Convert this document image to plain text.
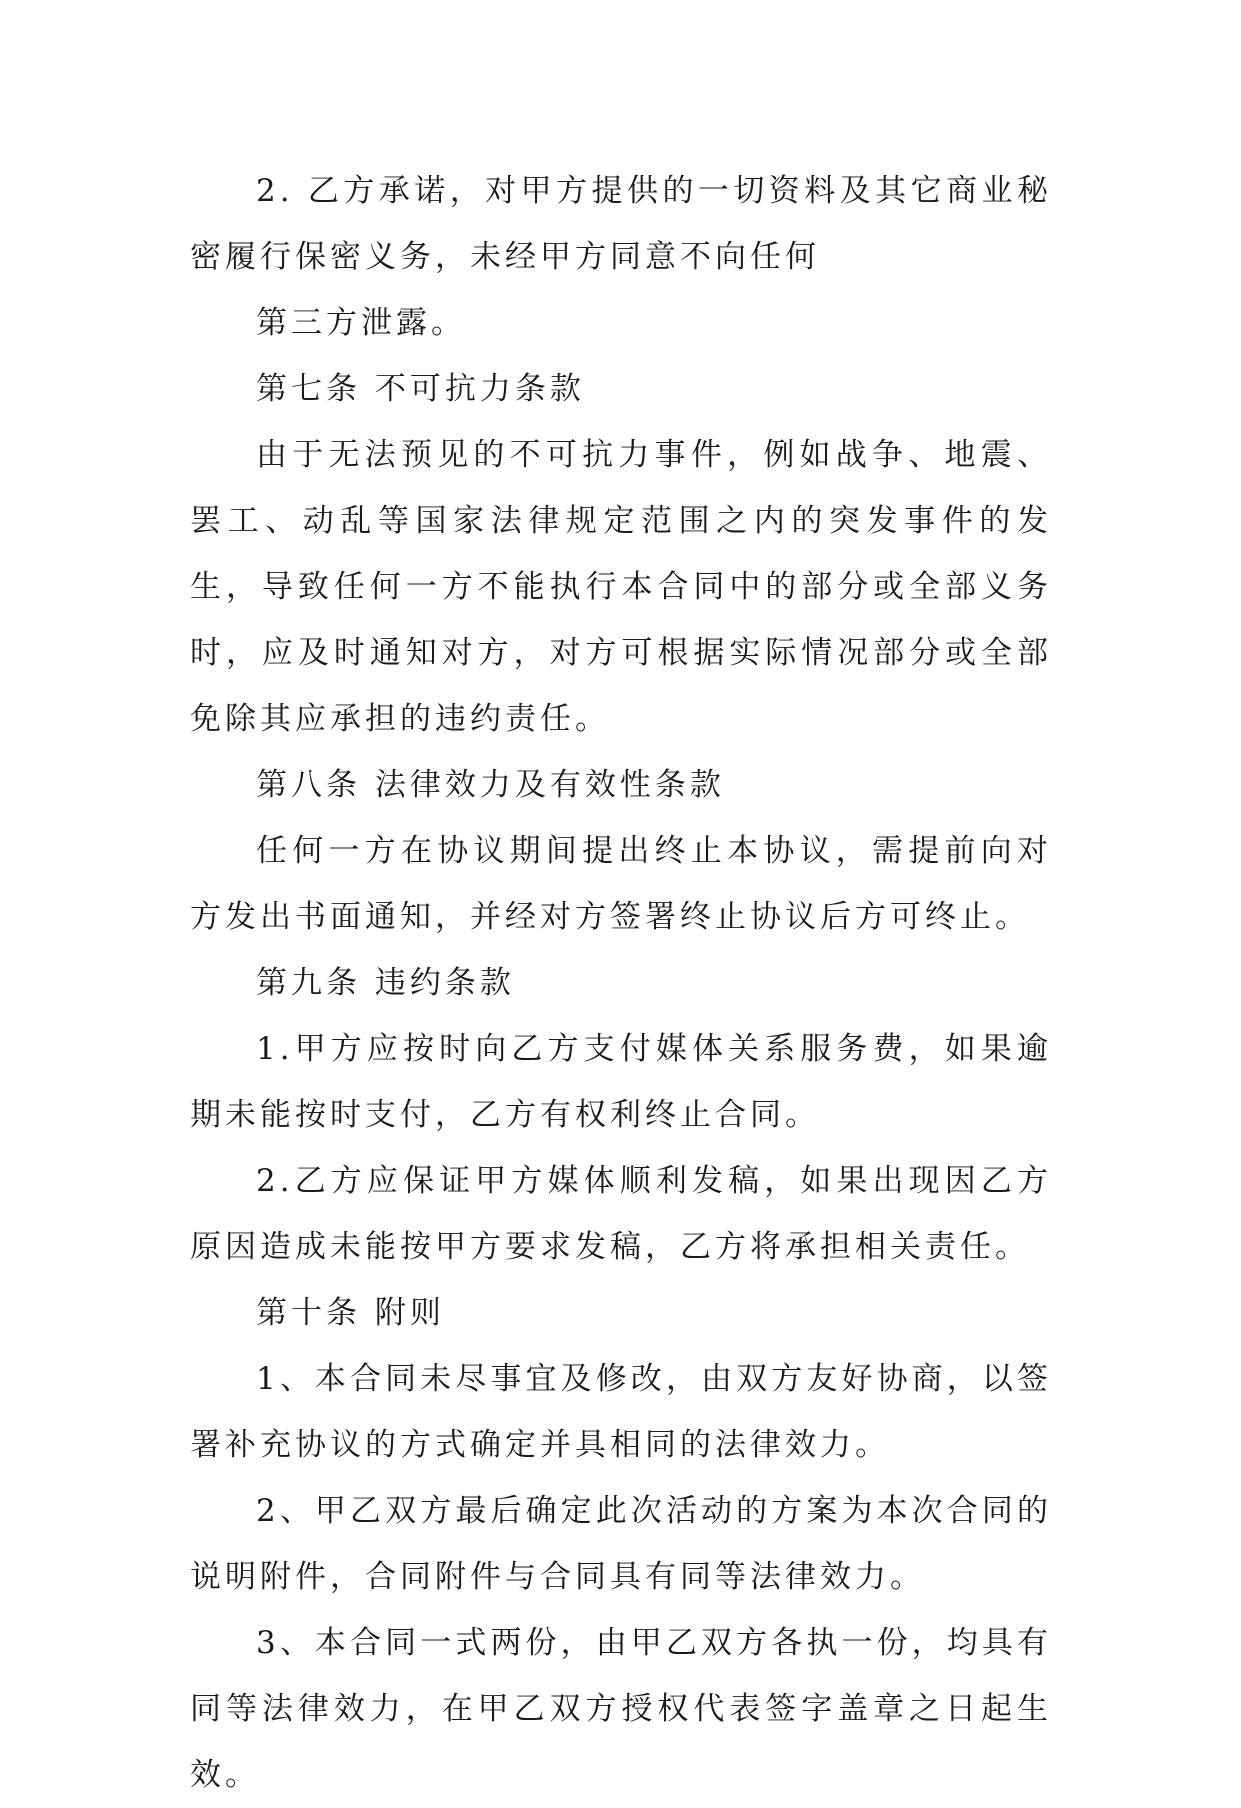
2. 乙方承诺，对甲方提供的一切资料及其它商业秘密履行保密义务，未经甲方同意不向任何

第三方泄露。

第七条 不可抗力条款

由于无法预见的不可抗力事件，例如战争、地震、罢工、动乱等国家法律规定范围之内的突发事件的发生，导致任何一方不能执行本合同中的部分或全部义务时，应及时通知对方，对方可根据实际情况部分或全部免除其应承担的违约责任。

第八条 法律效力及有效性条款

任何一方在协议期间提出终止本协议，需提前向对方发出书面通知，并经对方签署终止协议后方可终止。

第九条 违约条款

1.甲方应按时向乙方支付媒体关系服务费，如果逾期未能按时支付，乙方有权利终止合同。

2.乙方应保证甲方媒体顺利发稿，如果出现因乙方原因造成未能按甲方要求发稿，乙方将承担相关责任。

第十条 附则

1、本合同未尽事宜及修改，由双方友好协商，以签署补充协议的方式确定并具相同的法律效力。

2、甲乙双方最后确定此次活动的方案为本次合同的说明附件，合同附件与合同具有同等法律效力。

3、本合同一式两份，由甲乙双方各执一份，均具有同等法律效力，在甲乙双方授权代表签字盖章之日起生效。
